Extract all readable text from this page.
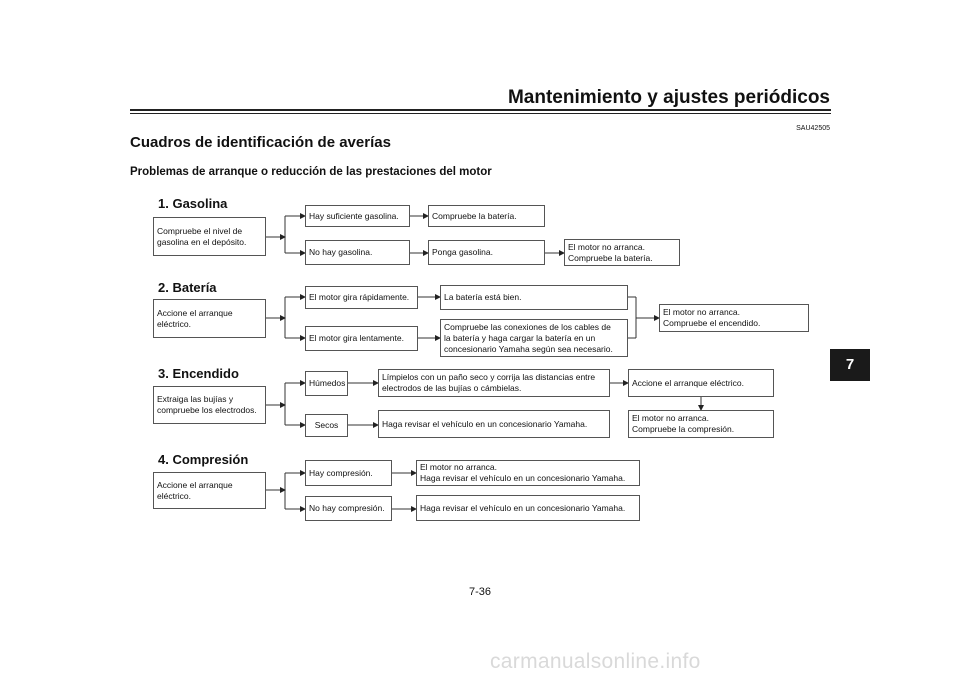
Mantenimiento y ajustes periódicos
SAU42505
Cuadros de identificación de averías
Problemas de arranque o reducción de las prestaciones del motor
7
1. Gasolina
Compruebe el nivel de
gasolina en el depósito.
Hay suficiente gasolina.	Compruebe la batería.
No hay gasolina.	Ponga gasolina.
El motor no arranca.
Compruebe la batería.
2. Batería
Accione el arranque
eléctrico.
El motor gira rápidamente.	La batería está bien.
El motor gira lentamente.
Compruebe las conexiones de los cables de
la batería y haga cargar la batería en un
concesionario Yamaha según sea necesario.
El motor no arranca.
Compruebe el encendido.
3. Encendido
Extraiga las bujías y
compruebe los electrodos.
Húmedos
Límpielos con un paño seco y corrija las distancias entre
electrodos de las bujías o cámbielas.
Accione el arranque eléctrico.
Secos	Haga revisar el vehículo en un concesionario Yamaha.
El motor no arranca.
Compruebe la compresión.
4. Compresión
Accione el arranque
eléctrico.
Hay compresión.
El motor no arranca.
Haga revisar el vehículo en un concesionario Yamaha.
No hay compresión.	Haga revisar el vehículo en un concesionario Yamaha.
7-36
carmanualsonline.info
